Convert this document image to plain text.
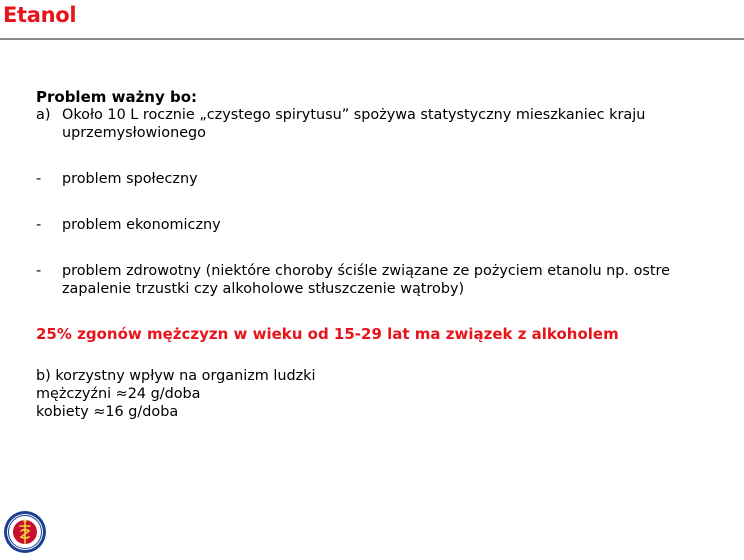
Etanol
Problem ważny bo:
a) Około 10 L rocznie „czystego spirytusu” spożywa statystyczny mieszkaniec kraju uprzemysłowionego
-	problem społeczny
-	problem ekonomiczny
-	problem zdrowotny (niektóre choroby ściśle związane ze pożyciem etanolu np. ostre zapalenie trzustki czy alkoholowe stłuszczenie wątroby)
25% zgonów mężczyzn w wieku od 15-29 lat ma związek z alkoholem
b) korzystny wpływ na organizm ludzki
mężczyźni ≈24 g/doba
kobiety ≈16 g/doba
